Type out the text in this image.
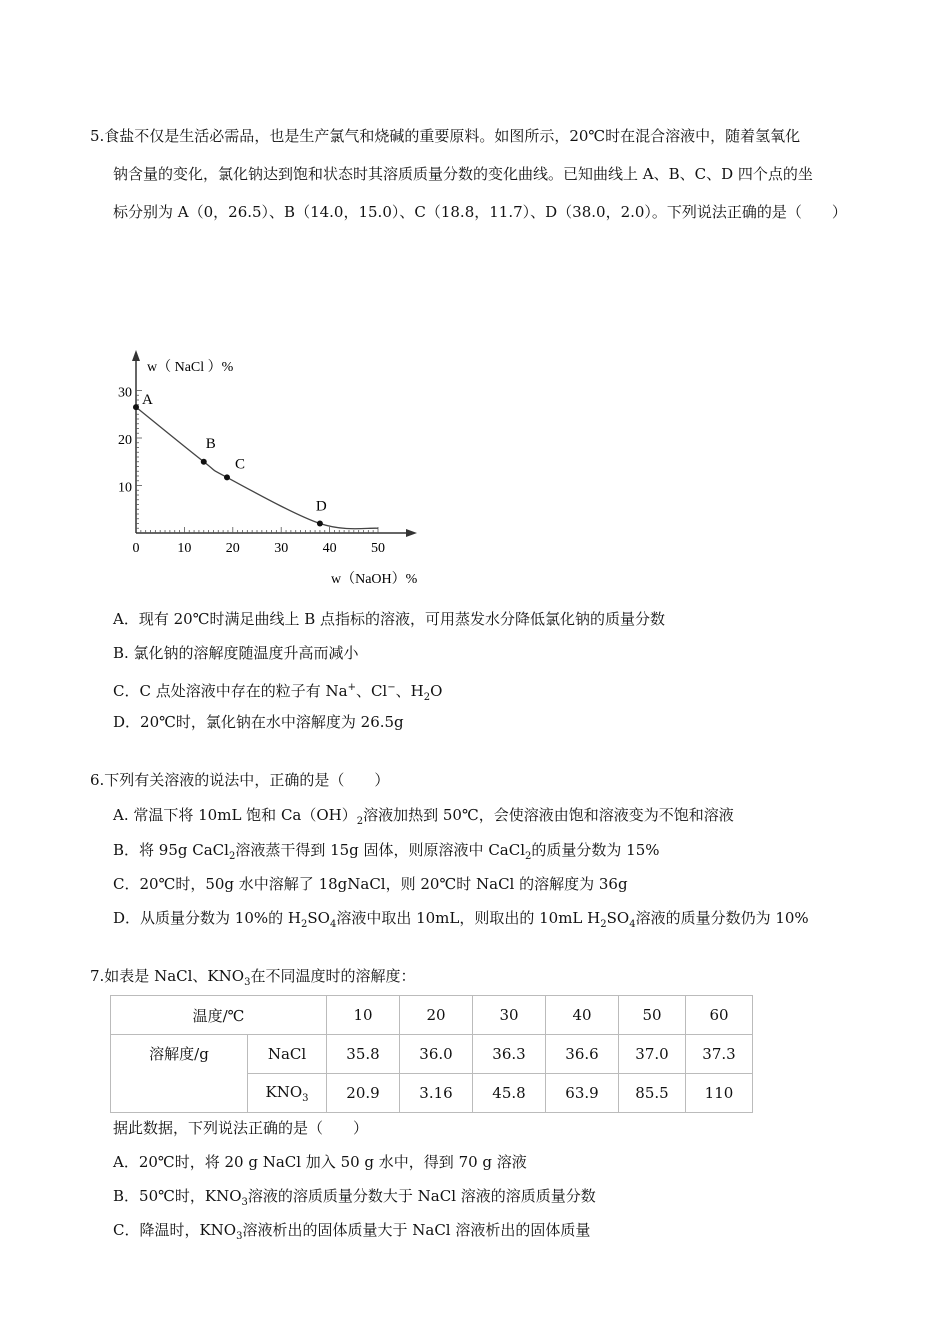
5.食盐不仅是生活必需品，也是生产氯气和烧碱的重要原料。如图所示，20℃时在混合溶液中，随着氢氧化
钠含量的变化，氯化钠达到饱和状态时其溶质质量分数的变化曲线。已知曲线上 A、B、C、D 四个点的坐
标分别为 A（0，26.5）、B（14.0，15.0）、C（18.8，11.7）、D（38.0，2.0）。下列说法正确的是（　　）
A
B
C
D
0	10 20 30 40 50
10
20
30
w（ NaCl ）%
w（NaOH）%
A．现有 20℃时满足曲线上 B 点指标的溶液，可用蒸发水分降低氯化钠的质量分数
B. 氯化钠的溶解度随温度升高而减小
C．C 点处溶液中存在的粒子有 Na+、Cl−、$H_2O$
D．20℃时，氯化钠在水中溶解度为 26.5g
6.下列有关溶液的说法中，正确的是（　　）
A. 常温下将 10mL 饱和 $Ca(OH)_2$溶液加热到 50℃，会使溶液由饱和溶液变为不饱和溶液
B．将 95g CaCl$_2$溶液蒸干得到 15g 固体，则原溶液中 CaCl$_2$的质量分数为 15%
C．20℃时，50g 水中溶解了 18gNaCl，则 20℃时 NaCl 的溶解度为 36g
D．从质量分数为 10%的 $H_2SO_4$溶液中取出 10mL，则取出的 10mL $H_2SO_4$溶液的质量分数仍为 10%
7.如表是 NaCl、$KNO_3$在不同温度时的溶解度：
温度/℃		10	20	30	40	50	60
溶解度/g	NaCl	35.8	36.0	36.3	36.6	37.0	37.3
	$KNO_3$	20.9	3.16	45.8	63.9	85.5	110
据此数据，下列说法正确的是（　　）
A．20℃时，将 20 g NaCl 加入 50 g 水中，得到 70 g 溶液
B．50℃时，$KNO_3$溶液的溶质质量分数大于 NaCl 溶液的溶质质量分数
C．降温时，$KNO_3$溶液析出的固体质量大于 NaCl 溶液析出的固体质量
